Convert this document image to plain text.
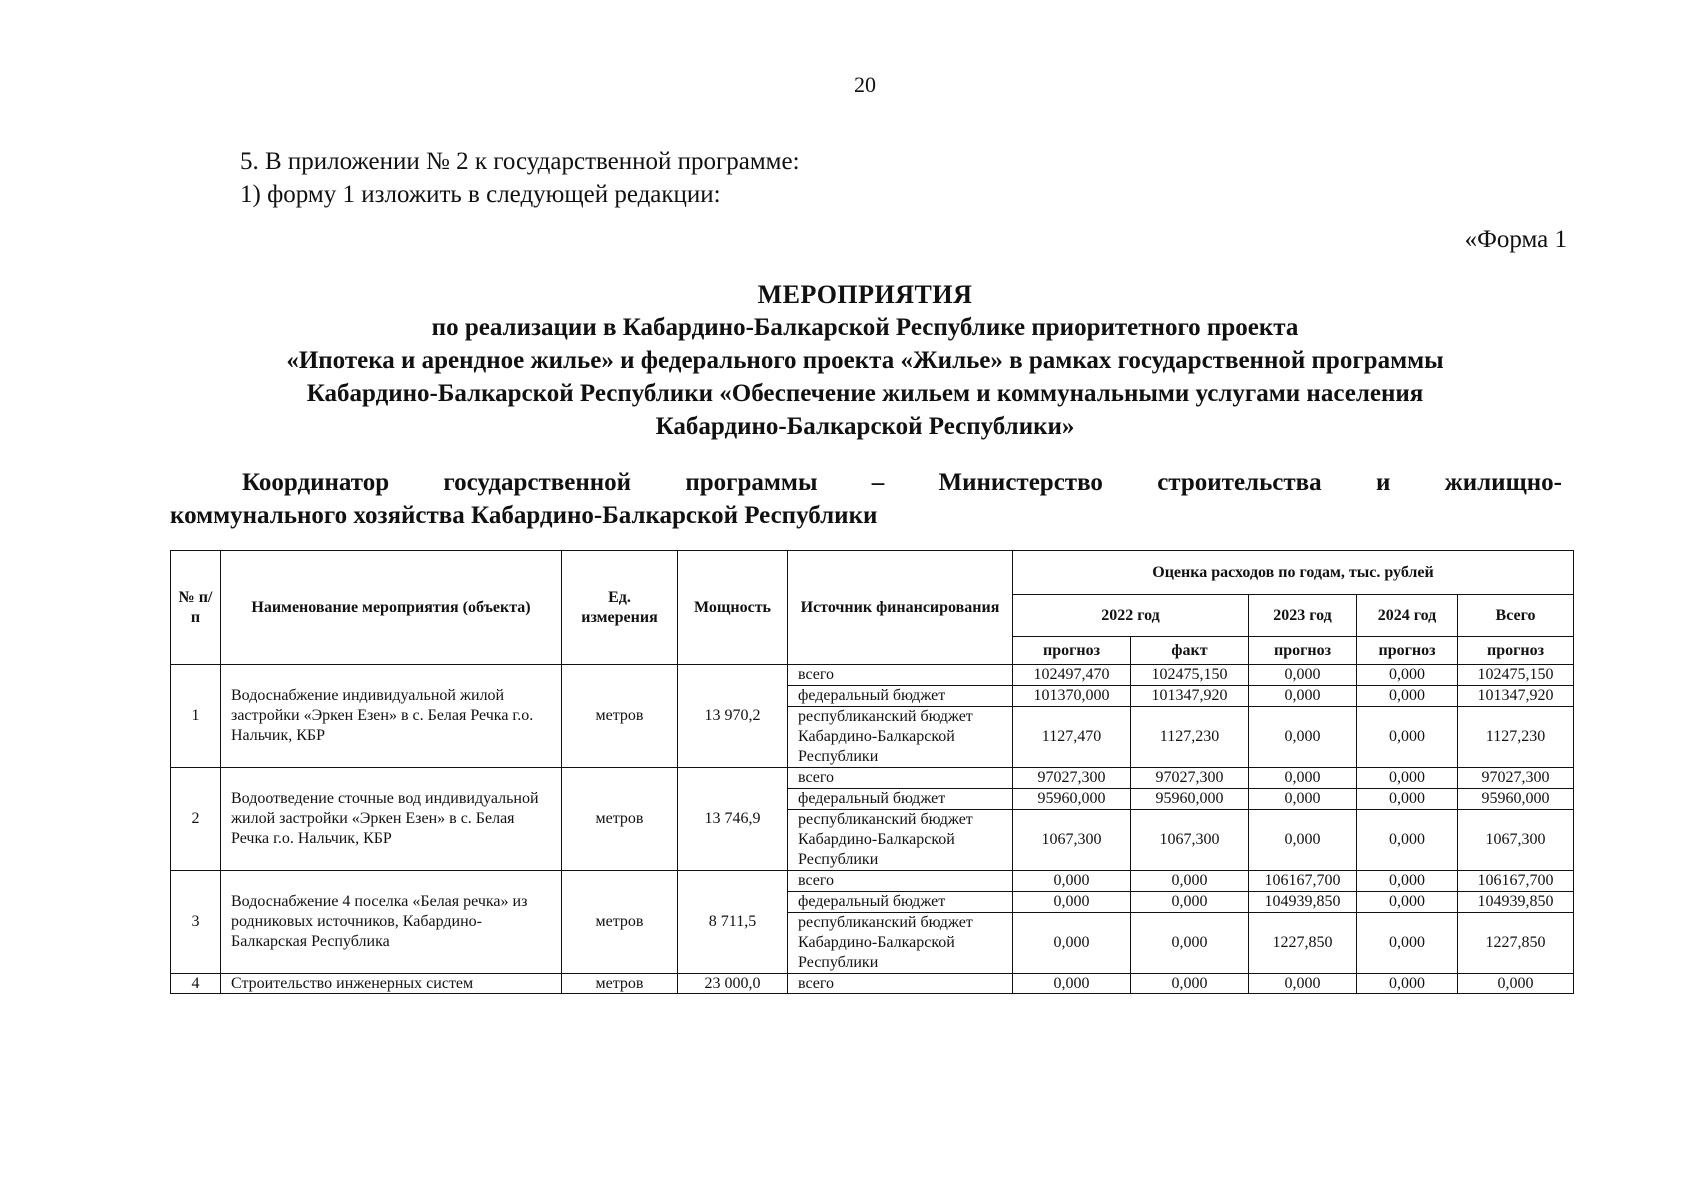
20
5. В приложении № 2 к государственной программе:
1) форму 1 изложить в следующей редакции:
«Форма 1
МЕРОПРИЯТИЯ
по реализации в Кабардино-Балкарской Республике приоритетного проекта
«Ипотека и арендное жилье» и федерального проекта «Жилье» в рамках государственной программы
Кабардино-Балкарской Республики «Обеспечение жильем и коммунальными услугами населения
Кабардино-Балкарской Республики»
Координатор государственной программы – Министерство строительства и жилищно-
коммунального хозяйства Кабардино-Балкарской Республики
№ п/п	Наименование мероприятия (объекта)	Ед. измерения	Мощность	Источник финансирования	Оценка расходов по годам, тыс. рублей				
					2022 год		2023 год	2024 год	Всего
					прогноз	факт	прогноз	прогноз	прогноз
1	Водоснабжение индивидуальной жилой застройки «Эркен Езен» в с. Белая Речка г.о. Нальчик, КБР	метров	13 970,2	всего	102497,470	102475,150	0,000	0,000	102475,150
				федеральный бюджет	101370,000	101347,920	0,000	0,000	101347,920
				республиканский бюджет Кабардино-Балкарской Республики	1127,470	1127,230	0,000	0,000	1127,230
2	Водоотведение сточные вод индивидуальной жилой застройки «Эркен Езен» в с. Белая Речка г.о. Нальчик, КБР	метров	13 746,9	всего	97027,300	97027,300	0,000	0,000	97027,300
				федеральный бюджет	95960,000	95960,000	0,000	0,000	95960,000
				республиканский бюджет Кабардино-Балкарской Республики	1067,300	1067,300	0,000	0,000	1067,300
3	Водоснабжение 4 поселка «Белая речка» из родниковых источников, Кабардино-Балкарская Республика	метров	8 711,5	всего	0,000	0,000	106167,700	0,000	106167,700
				федеральный бюджет	0,000	0,000	104939,850	0,000	104939,850
				республиканский бюджет Кабардино-Балкарской Республики	0,000	0,000	1227,850	0,000	1227,850
4	Строительство инженерных систем	метров	23 000,0	всего	0,000	0,000	0,000	0,000	0,000
